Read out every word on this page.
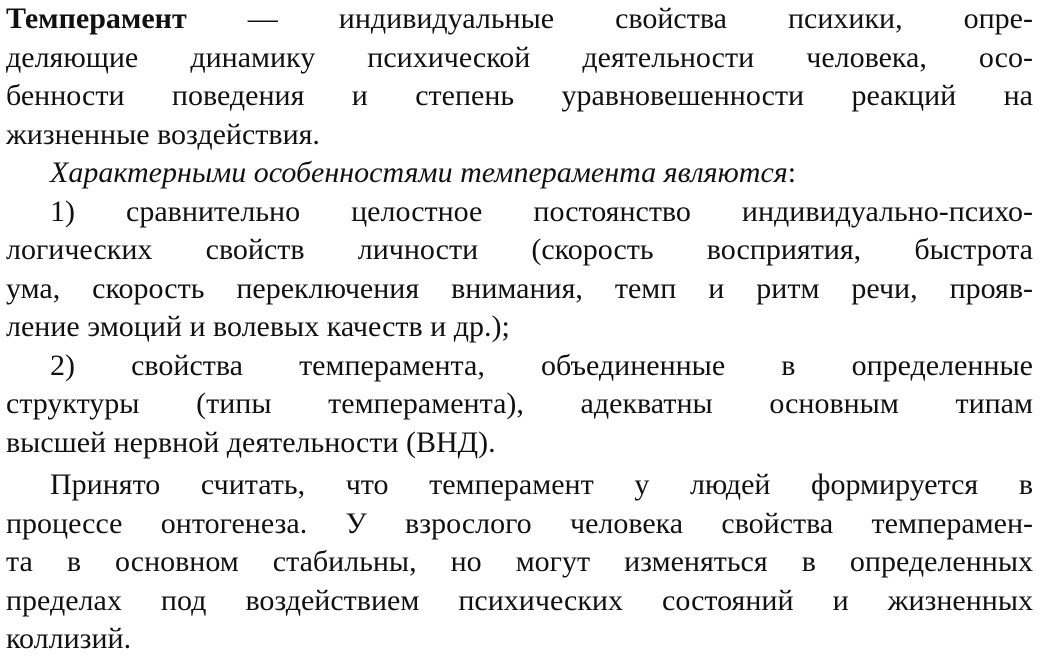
Темперамент — индивидуальные свойства психики, опре-
деляющие динамику психической деятельности человека, осо-
бенности поведения и степень уравновешенности реакций на
жизненные воздействия.
Характерными особенностями темперамента являются:
1) сравнительно целостное постоянство индивидуально-психо-
логических свойств личности (скорость восприятия, быстрота
ума, скорость переключения внимания, темп и ритм речи, прояв-
ление эмоций и волевых качеств и др.);
2) свойства темперамента, объединенные в определенные
структуры (типы темперамента), адекватны основным типам
высшей нервной деятельности (ВНД).
Принято считать, что темперамент у людей формируется в
процессе онтогенеза. У взрослого человека свойства темперамен-
та в основном стабильны, но могут изменяться в определенных
пределах под воздействием психических состояний и жизненных
коллизий.
